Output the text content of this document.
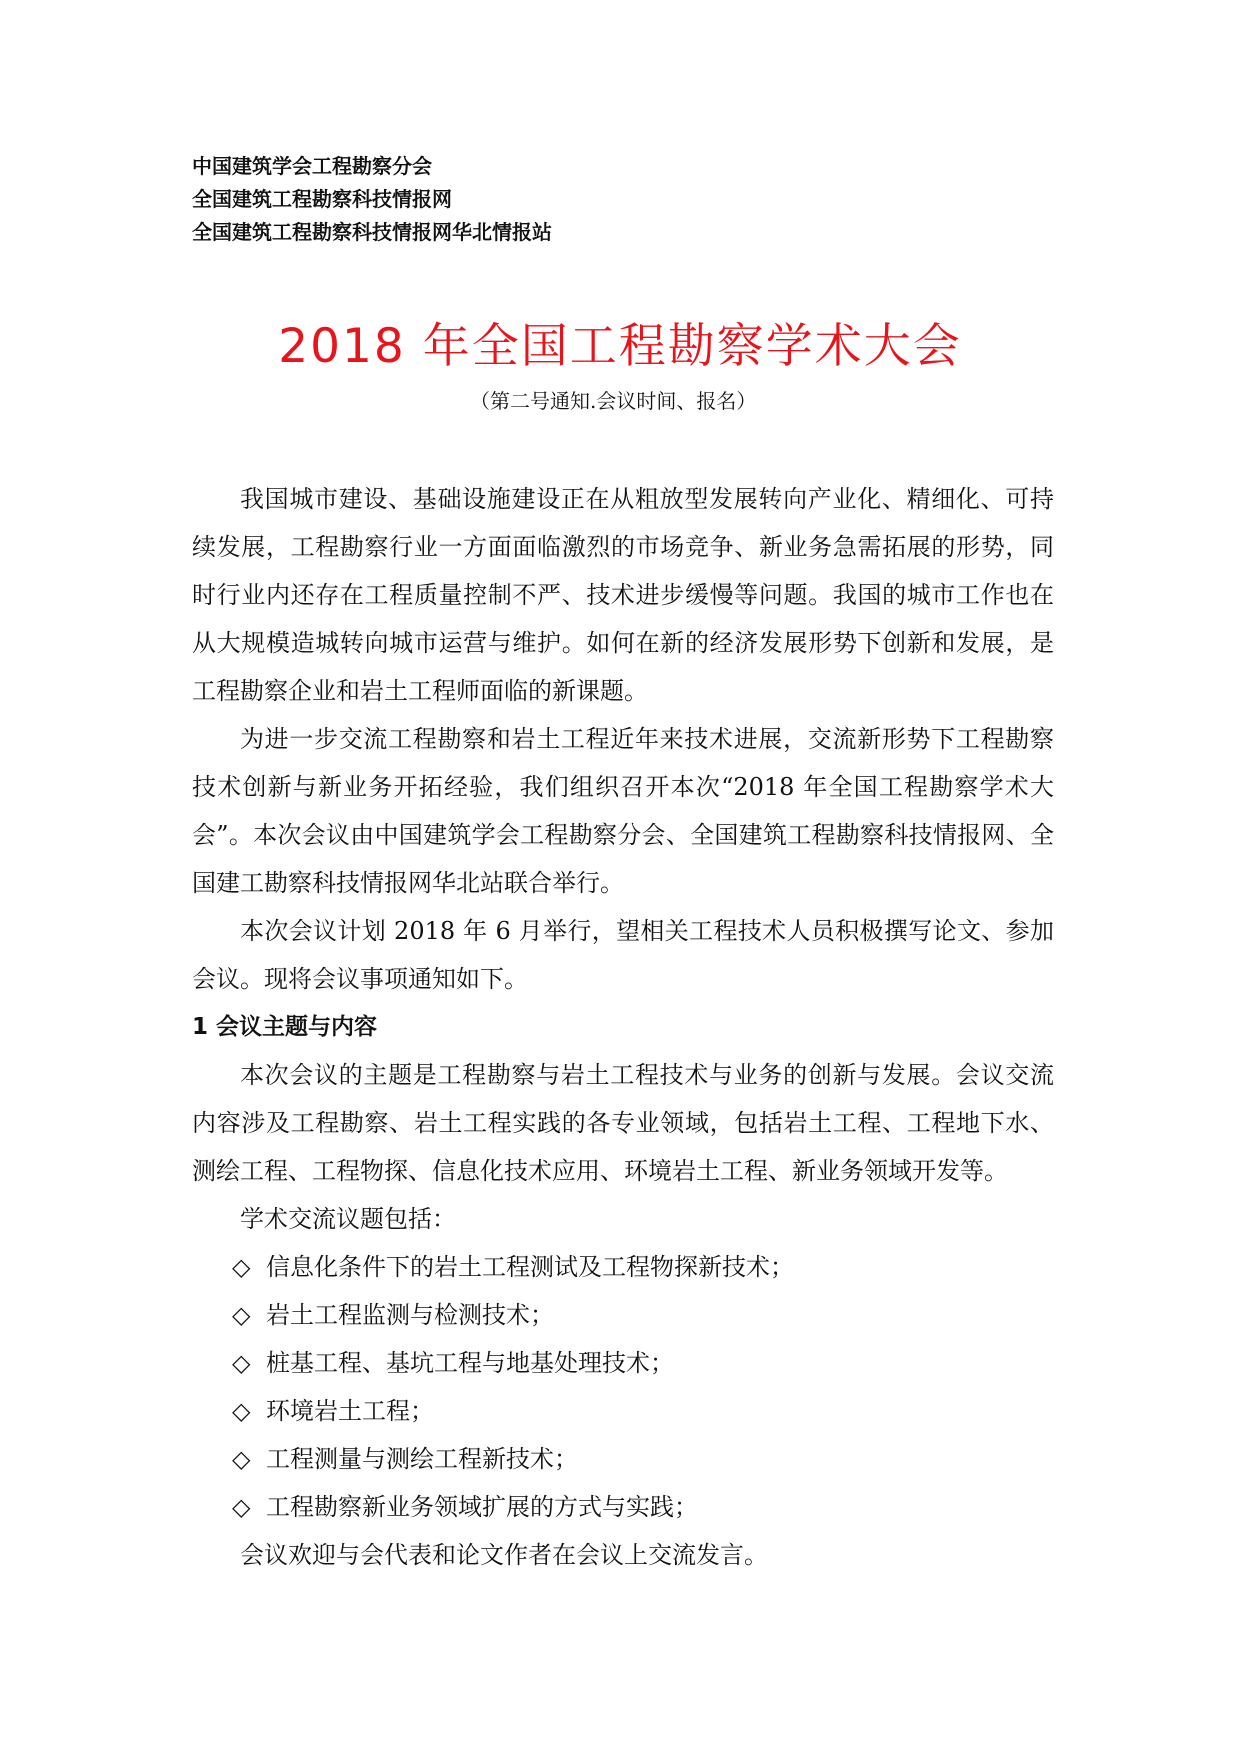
中国建筑学会工程勘察分会
全国建筑工程勘察科技情报网
全国建筑工程勘察科技情报网华北情报站
2018 年全国工程勘察学术大会
（第二号通知.会议时间、报名）

我国城市建设、基础设施建设正在从粗放型发展转向产业化、精细化、可持续发展，工程勘察行业一方面面临激烈的市场竞争、新业务急需拓展的形势，同时行业内还存在工程质量控制不严、技术进步缓慢等问题。我国的城市工作也在从大规模造城转向城市运营与维护。如何在新的经济发展形势下创新和发展，是工程勘察企业和岩土工程师面临的新课题。

为进一步交流工程勘察和岩土工程近年来技术进展，交流新形势下工程勘察技术创新与新业务开拓经验，我们组织召开本次“2018 年全国工程勘察学术大会”。本次会议由中国建筑学会工程勘察分会、全国建筑工程勘察科技情报网、全国建工勘察科技情报网华北站联合举行。

本次会议计划 2018 年 6 月举行，望相关工程技术人员积极撰写论文、参加会议。现将会议事项通知如下。

1 会议主题与内容

本次会议的主题是工程勘察与岩土工程技术与业务的创新与发展。会议交流内容涉及工程勘察、岩土工程实践的各专业领域，包括岩土工程、工程地下水、测绘工程、工程物探、信息化技术应用、环境岩土工程、新业务领域开发等。

学术交流议题包括：

◇ 信息化条件下的岩土工程测试及工程物探新技术；
◇ 岩土工程监测与检测技术；
◇ 桩基工程、基坑工程与地基处理技术；
◇ 环境岩土工程；
◇ 工程测量与测绘工程新技术；
◇ 工程勘察新业务领域扩展的方式与实践；

会议欢迎与会代表和论文作者在会议上交流发言。
